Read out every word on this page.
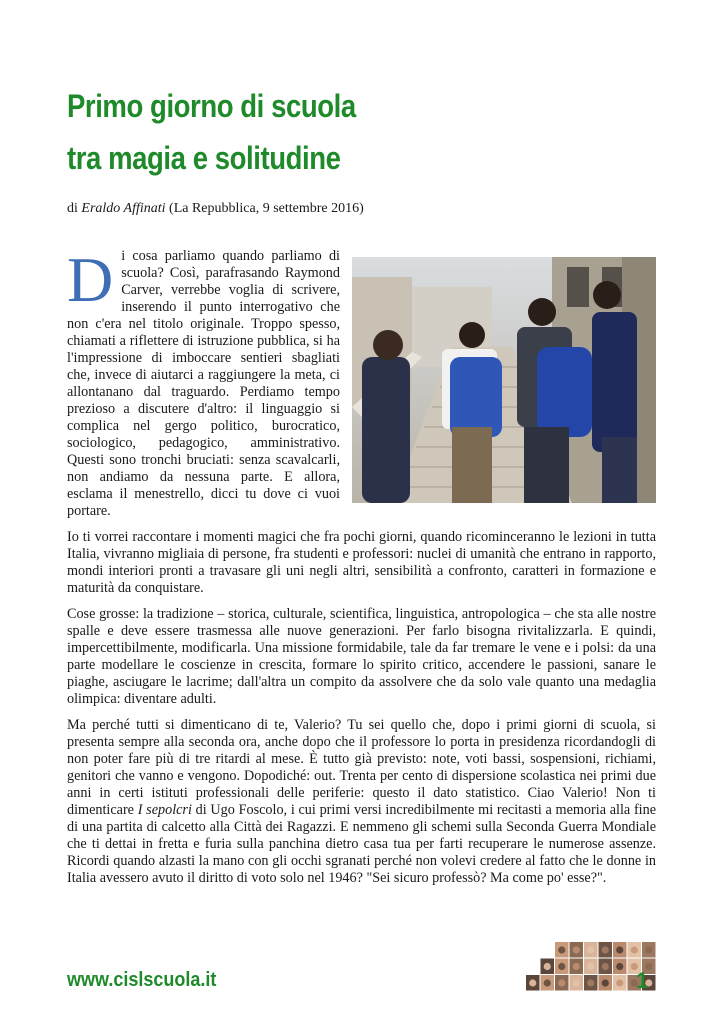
Primo giorno di scuola
tra magia e solitudine
di Eraldo Affinati (La Repubblica, 9 settembre 2016)

Di cosa parliamo quando parliamo di scuola? Così, parafrasando Raymond Carver, verrebbe voglia di scrivere, inserendo il punto interrogativo che non c'era nel titolo originale. Troppo spesso, chiamati a riflettere di istruzione pubblica, si ha l'impressione di imboccare sentieri sbagliati che, invece di aiutarci a raggiungere la meta, ci allontanano dal traguardo. Perdiamo tempo prezioso a discutere d'altro: il linguaggio si complica nel gergo politico, burocratico, sociologico, pedagogico, amministrativo. Questi sono tronchi bruciati: senza scavalcarli, non andiamo da nessuna parte. E allora, esclama il menestrello, dicci tu dove ci vuoi portare.

Io ti vorrei raccontare i momenti magici che fra pochi giorni, quando ricominceranno le lezioni in tutta Italia, vivranno migliaia di persone, fra studenti e professori: nuclei di umanità che entrano in rapporto, mondi interiori pronti a travasare gli uni negli altri, sensibilità a confronto, caratteri in formazione e maturità da conquistare.

Cose grosse: la tradizione – storica, culturale, scientifica, linguistica, antropologica – che sta alle nostre spalle e deve essere trasmessa alle nuove generazioni. Per farlo bisogna rivitalizzarla. E quindi, impercettibilmente, modificarla. Una missione formidabile, tale da far tremare le vene e i polsi: da una parte modellare le coscienze in crescita, formare lo spirito critico, accendere le passioni, sanare le piaghe, asciugare le lacrime; dall'altra un compito da assolvere che da solo vale quanto una medaglia olimpica: diventare adulti.

Ma perché tutti si dimenticano di te, Valerio? Tu sei quello che, dopo i primi giorni di scuola, si presenta sempre alla seconda ora, anche dopo che il professore lo porta in presidenza ricordandogli di non poter fare più di tre ritardi al mese. È tutto già previsto: note, voti bassi, sospensioni, richiami, genitori che vanno e vengono. Dopodiché: out. Trenta per cento di dispersione scolastica nei primi due anni in certi istituti professionali delle periferie: questo il dato statistico. Ciao Valerio! Non ti dimenticare I sepolcri di Ugo Foscolo, i cui primi versi incredibilmente mi recitasti a memoria alla fine di una partita di calcetto alla Città dei Ragazzi. E nemmeno gli schemi sulla Seconda Guerra Mondiale che ti dettai in fretta e furia sulla panchina dietro casa tua per farti recuperare le numerose assenze. Ricordi quando alzasti la mano con gli occhi sgranati perché non volevi credere al fatto che le donne in Italia avessero avuto il diritto di voto solo nel 1946? "Sei sicuro professò? Ma come po' esse?".

www.cislscuola.it	1
